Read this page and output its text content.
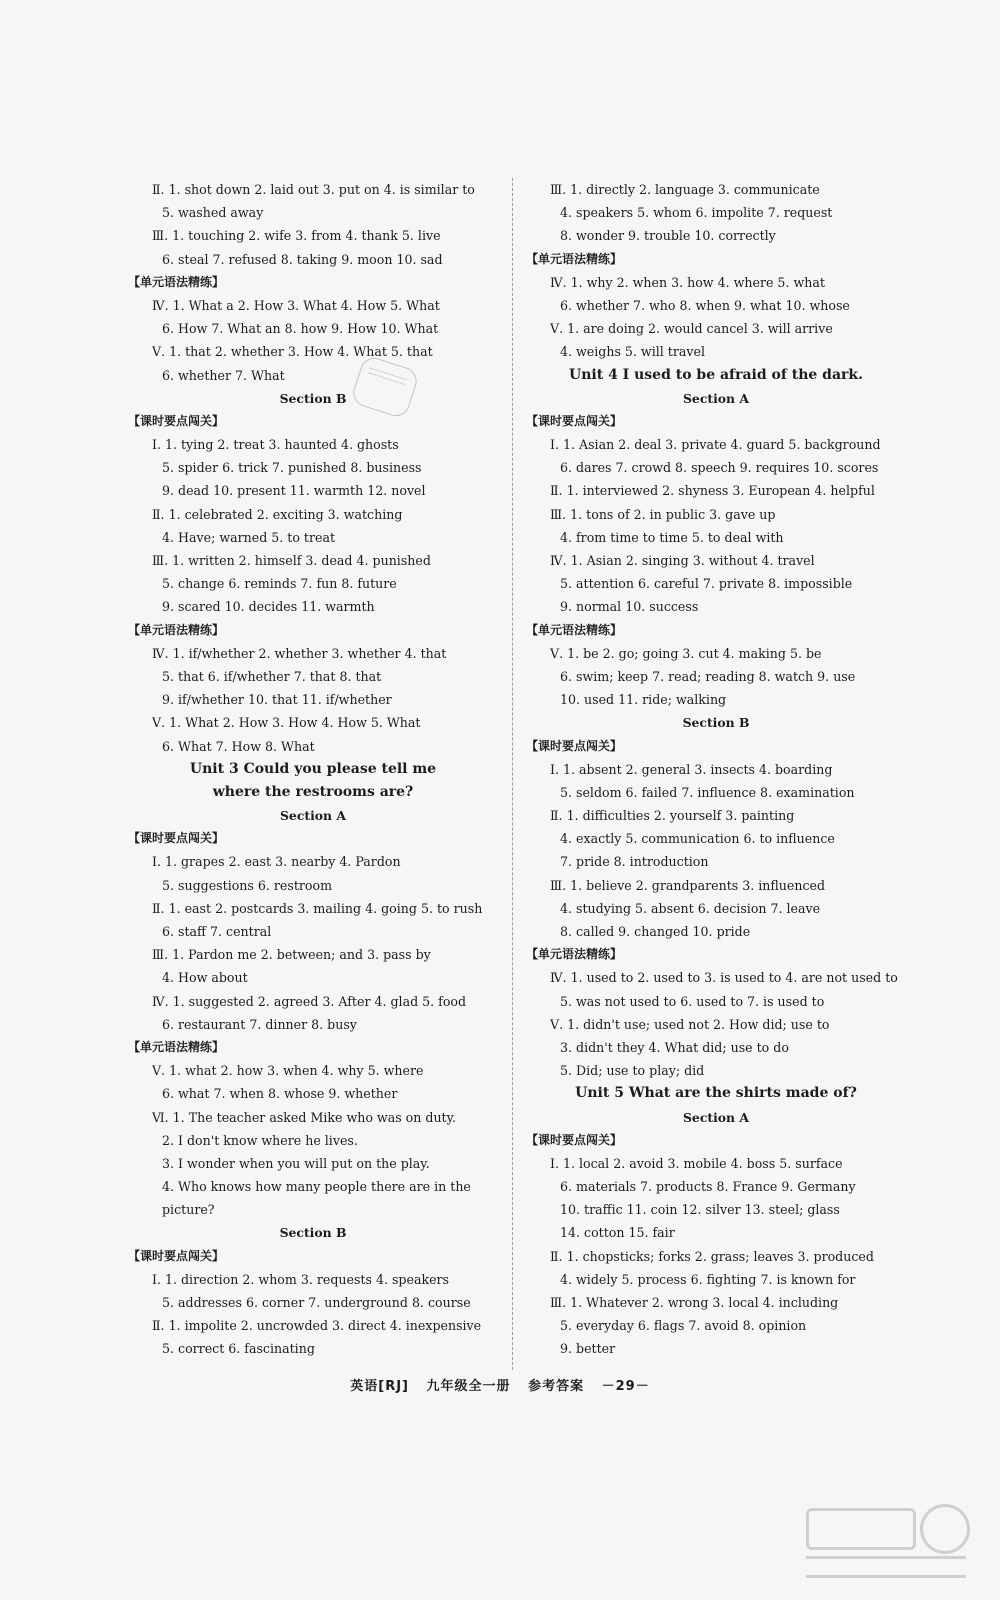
Ⅱ. 1. shot down 2. laid out 3. put on 4. is similar to
5. washed away
Ⅲ. 1. touching 2. wife 3. from 4. thank 5. live
6. steal 7. refused 8. taking 9. moon 10. sad
【单元语法精练】
Ⅳ. 1. What a 2. How 3. What 4. How 5. What
6. How 7. What an 8. how 9. How 10. What
Ⅴ. 1. that 2. whether 3. How 4. What 5. that
6. whether 7. What
Section B
【课时要点闯关】
Ⅰ. 1. tying 2. treat 3. haunted 4. ghosts
5. spider 6. trick 7. punished 8. business
9. dead 10. present 11. warmth 12. novel
Ⅱ. 1. celebrated 2. exciting 3. watching
4. Have; warned 5. to treat
Ⅲ. 1. written 2. himself 3. dead 4. punished
5. change 6. reminds 7. fun 8. future
9. scared 10. decides 11. warmth
【单元语法精练】
Ⅳ. 1. if/whether 2. whether 3. whether 4. that
5. that 6. if/whether 7. that 8. that
9. if/whether 10. that 11. if/whether
Ⅴ. 1. What 2. How 3. How 4. How 5. What
6. What 7. How 8. What
Unit 3 Could you please tell me
where the restrooms are?
Section A
【课时要点闯关】
Ⅰ. 1. grapes 2. east 3. nearby 4. Pardon
5. suggestions 6. restroom
Ⅱ. 1. east 2. postcards 3. mailing 4. going 5. to rush
6. staff 7. central
Ⅲ. 1. Pardon me 2. between; and 3. pass by
4. How about
Ⅳ. 1. suggested 2. agreed 3. After 4. glad 5. food
6. restaurant 7. dinner 8. busy
【单元语法精练】
Ⅴ. 1. what 2. how 3. when 4. why 5. where
6. what 7. when 8. whose 9. whether
Ⅵ. 1. The teacher asked Mike who was on duty.
2. I don't know where he lives.
3. I wonder when you will put on the play.
4. Who knows how many people there are in the
picture?
Section B
【课时要点闯关】
Ⅰ. 1. direction 2. whom 3. requests 4. speakers
5. addresses 6. corner 7. underground 8. course
Ⅱ. 1. impolite 2. uncrowded 3. direct 4. inexpensive
5. correct 6. fascinating
Ⅲ. 1. directly 2. language 3. communicate
4. speakers 5. whom 6. impolite 7. request
8. wonder 9. trouble 10. correctly
【单元语法精练】
Ⅳ. 1. why 2. when 3. how 4. where 5. what
6. whether 7. who 8. when 9. what 10. whose
Ⅴ. 1. are doing 2. would cancel 3. will arrive
4. weighs 5. will travel
Unit 4 I used to be afraid of the dark.
Section A
【课时要点闯关】
Ⅰ. 1. Asian 2. deal 3. private 4. guard 5. background
6. dares 7. crowd 8. speech 9. requires 10. scores
Ⅱ. 1. interviewed 2. shyness 3. European 4. helpful
Ⅲ. 1. tons of 2. in public 3. gave up
4. from time to time 5. to deal with
Ⅳ. 1. Asian 2. singing 3. without 4. travel
5. attention 6. careful 7. private 8. impossible
9. normal 10. success
【单元语法精练】
Ⅴ. 1. be 2. go; going 3. cut 4. making 5. be
6. swim; keep 7. read; reading 8. watch 9. use
10. used 11. ride; walking
Section B
【课时要点闯关】
Ⅰ. 1. absent 2. general 3. insects 4. boarding
5. seldom 6. failed 7. influence 8. examination
Ⅱ. 1. difficulties 2. yourself 3. painting
4. exactly 5. communication 6. to influence
7. pride 8. introduction
Ⅲ. 1. believe 2. grandparents 3. influenced
4. studying 5. absent 6. decision 7. leave
8. called 9. changed 10. pride
【单元语法精练】
Ⅳ. 1. used to 2. used to 3. is used to 4. are not used to
5. was not used to 6. used to 7. is used to
Ⅴ. 1. didn't use; used not 2. How did; use to
3. didn't they 4. What did; use to do
5. Did; use to play; did
Unit 5 What are the shirts made of?
Section A
【课时要点闯关】
Ⅰ. 1. local 2. avoid 3. mobile 4. boss 5. surface
6. materials 7. products 8. France 9. Germany
10. traffic 11. coin 12. silver 13. steel; glass
14. cotton 15. fair
Ⅱ. 1. chopsticks; forks 2. grass; leaves 3. produced
4. widely 5. process 6. fighting 7. is known for
Ⅲ. 1. Whatever 2. wrong 3. local 4. including
5. everyday 6. flags 7. avoid 8. opinion
9. better
英语[RJ] 九年级全一册 参考答案 －29－
